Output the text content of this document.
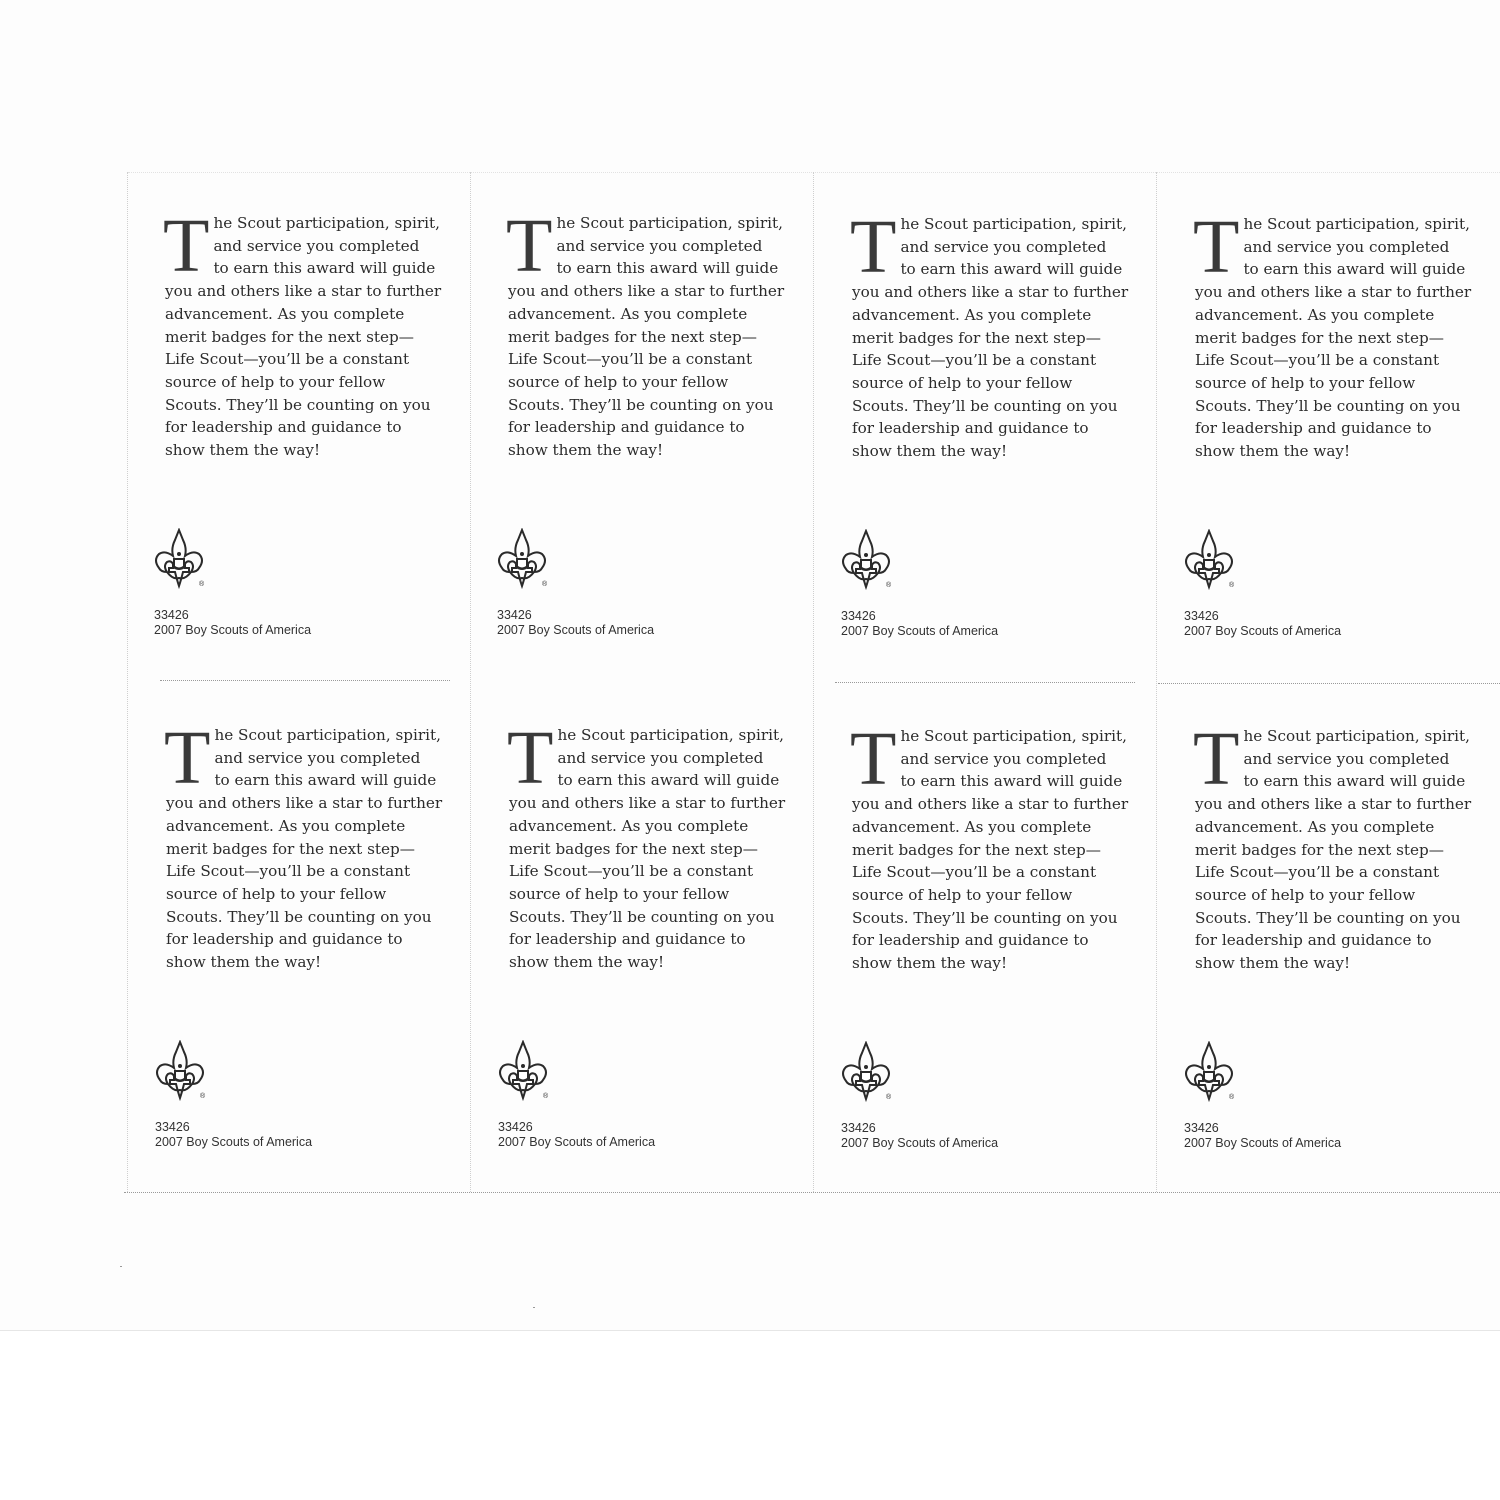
T he Scout participation, spirit,
and service you completed
to earn this award will guide
you and others like a star to further
advancement. As you complete
merit badges for the next step—
Life Scout—you’ll be a constant
source of help to your fellow
Scouts. They’ll be counting on you
for leadership and guidance to
show them the way!
®
33426
2007 Boy Scouts of America
T he Scout participation, spirit,
and service you completed
to earn this award will guide
you and others like a star to further
advancement. As you complete
merit badges for the next step—
Life Scout—you’ll be a constant
source of help to your fellow
Scouts. They’ll be counting on you
for leadership and guidance to
show them the way!
®
33426
2007 Boy Scouts of America
T he Scout participation, spirit,
and service you completed
to earn this award will guide
you and others like a star to further
advancement. As you complete
merit badges for the next step—
Life Scout—you’ll be a constant
source of help to your fellow
Scouts. They’ll be counting on you
for leadership and guidance to
show them the way!
®
33426
2007 Boy Scouts of America
T he Scout participation, spirit,
and service you completed
to earn this award will guide
you and others like a star to further
advancement. As you complete
merit badges for the next step—
Life Scout—you’ll be a constant
source of help to your fellow
Scouts. They’ll be counting on you
for leadership and guidance to
show them the way!
®
33426
2007 Boy Scouts of America
T he Scout participation, spirit,
and service you completed
to earn this award will guide
you and others like a star to further
advancement. As you complete
merit badges for the next step—
Life Scout—you’ll be a constant
source of help to your fellow
Scouts. They’ll be counting on you
for leadership and guidance to
show them the way!
®
33426
2007 Boy Scouts of America
T he Scout participation, spirit,
and service you completed
to earn this award will guide
you and others like a star to further
advancement. As you complete
merit badges for the next step—
Life Scout—you’ll be a constant
source of help to your fellow
Scouts. They’ll be counting on you
for leadership and guidance to
show them the way!
®
33426
2007 Boy Scouts of America
T he Scout participation, spirit,
and service you completed
to earn this award will guide
you and others like a star to further
advancement. As you complete
merit badges for the next step—
Life Scout—you’ll be a constant
source of help to your fellow
Scouts. They’ll be counting on you
for leadership and guidance to
show them the way!
®
33426
2007 Boy Scouts of America
T he Scout participation, spirit,
and service you completed
to earn this award will guide
you and others like a star to further
advancement. As you complete
merit badges for the next step—
Life Scout—you’ll be a constant
source of help to your fellow
Scouts. They’ll be counting on you
for leadership and guidance to
show them the way!
®
33426
2007 Boy Scouts of America
